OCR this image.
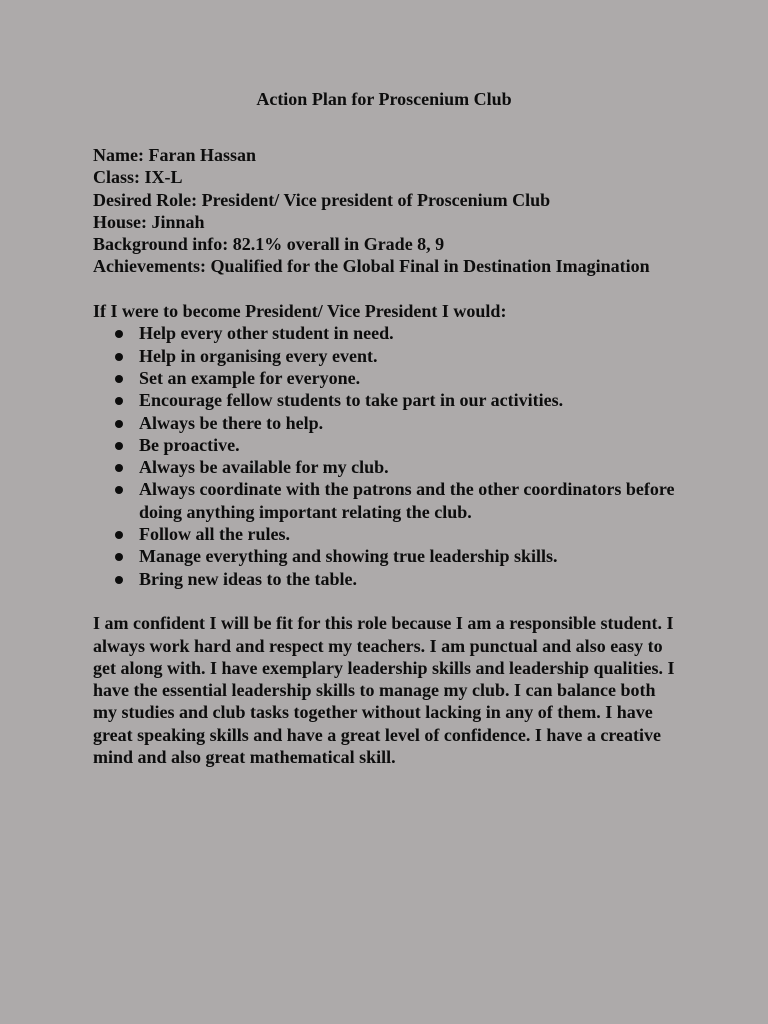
Action Plan for Proscenium Club

Name: Faran Hassan

Class: IX-L

Desired Role: President/ Vice president of Proscenium Club

House: Jinnah

Background info: 82.1% overall in Grade 8, 9

Achievements: Qualified for the Global Final in Destination Imagination

If I were to become President/ Vice President I would:

Help every other student in need.
Help in organising every event.
Set an example for everyone.
Encourage fellow students to take part in our activities.
Always be there to help.
Be proactive.
Always be available for my club.
Always coordinate with the patrons and the other coordinators before doing anything important relating the club.
Follow all the rules.
Manage everything and showing true leadership skills.
Bring new ideas to the table.

I am confident I will be fit for this role because I am a responsible student. I always work hard and respect my teachers. I am punctual and also easy to get along with. I have exemplary leadership skills and leadership qualities. I have the essential leadership skills to manage my club. I can balance both my studies and club tasks together without lacking in any of them. I have great speaking skills and have a great level of confidence. I have a creative mind and also great mathematical skill.
